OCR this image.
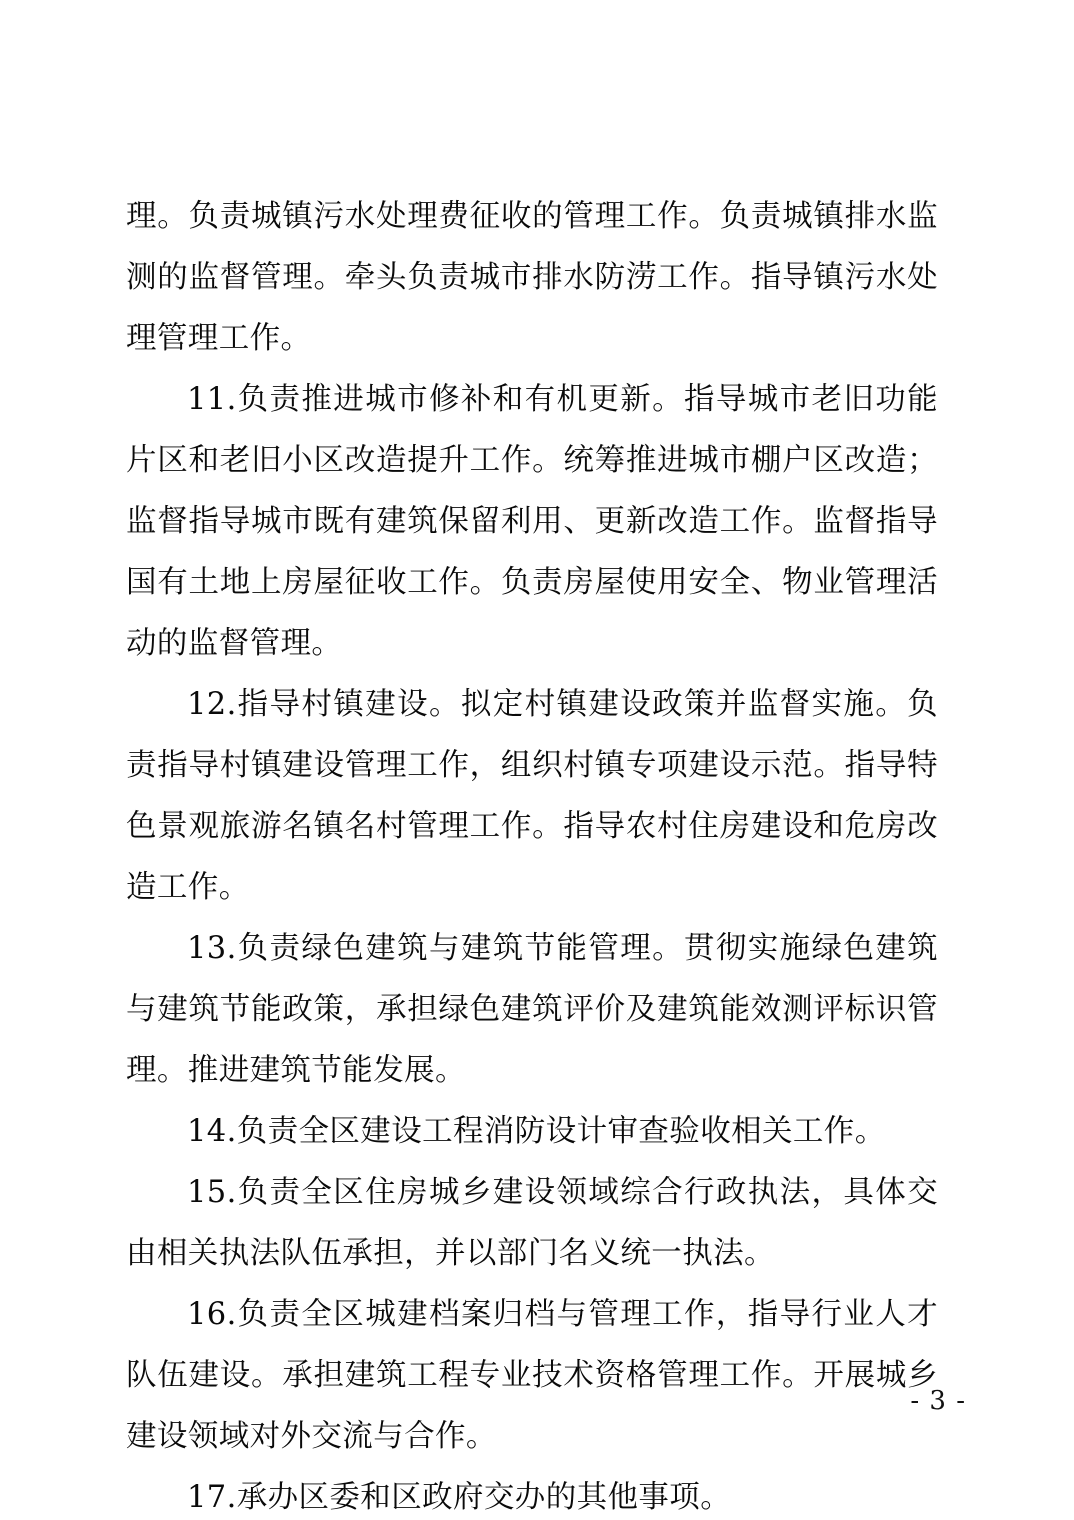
理。负责城镇污水处理费征收的管理工作。负责城镇排水监测的监督管理。牵头负责城市排水防涝工作。指导镇污水处理管理工作。

11.负责推进城市修补和有机更新。指导城市老旧功能片区和老旧小区改造提升工作。统筹推进城市棚户区改造；监督指导城市既有建筑保留利用、更新改造工作。监督指导国有土地上房屋征收工作。负责房屋使用安全、物业管理活动的监督管理。

12.指导村镇建设。拟定村镇建设政策并监督实施。负责指导村镇建设管理工作，组织村镇专项建设示范。指导特色景观旅游名镇名村管理工作。指导农村住房建设和危房改造工作。

13.负责绿色建筑与建筑节能管理。贯彻实施绿色建筑与建筑节能政策，承担绿色建筑评价及建筑能效测评标识管理。推进建筑节能发展。

14.负责全区建设工程消防设计审查验收相关工作。

15.负责全区住房城乡建设领域综合行政执法，具体交由相关执法队伍承担，并以部门名义统一执法。

16.负责全区城建档案归档与管理工作，指导行业人才队伍建设。承担建筑工程专业技术资格管理工作。开展城乡建设领域对外交流与合作。

17.承办区委和区政府交办的其他事项。

- 3 -
